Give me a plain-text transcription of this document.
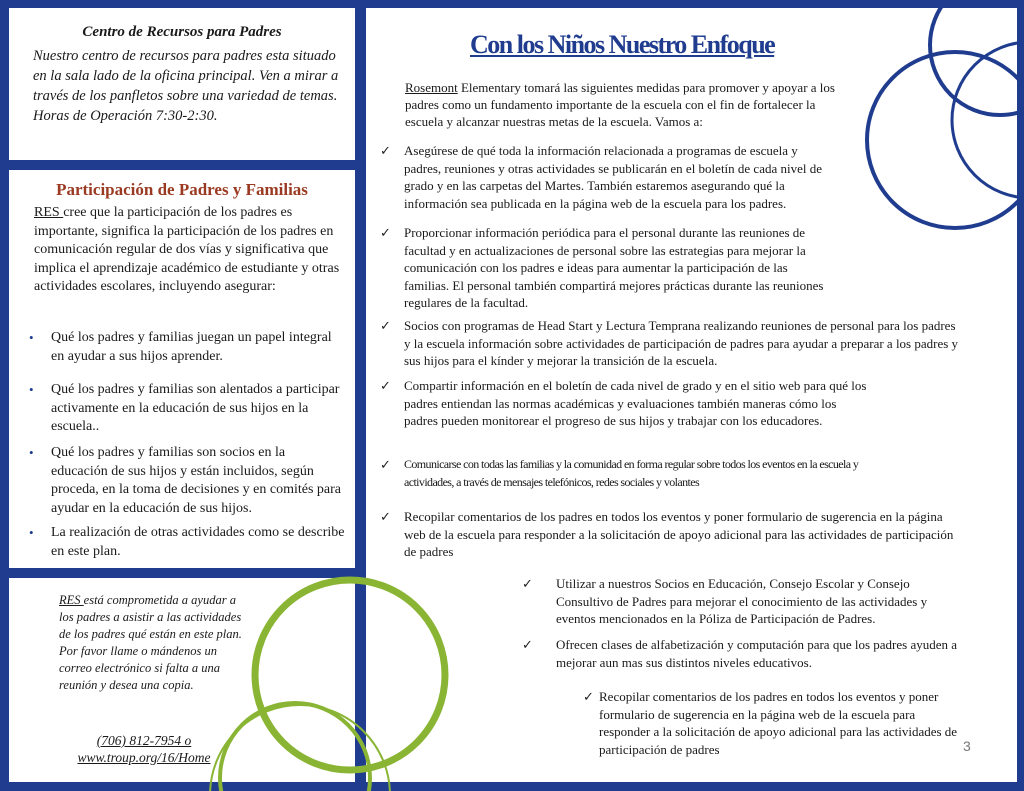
Centro de Recursos para Padres
Nuestro centro de recursos para padres esta situado en la sala lado de la oficina principal. Ven a mirar a través de los panfletos sobre una variedad de temas.
Horas de Operación 7:30-2:30.
Participación de Padres y Familias
RES cree que la participación de los padres es importante, significa la participación de los padres en comunicación regular de dos vías y significativa que implica el aprendizaje académico de estudiante y otras actividades escolares, incluyendo asegurar:
• Qué los padres y familias juegan un papel integral en ayudar a sus hijos aprender.
• Qué los padres y familias son alentados a participar activamente en la educación de sus hijos en la escuela..
• Qué los padres y familias son socios en la educación de sus hijos y están incluidos, según proceda, en la toma de decisiones y en comités para ayudar en la educación de sus hijos.
• La realización de otras actividades como se describe en este plan.
RES está comprometida a ayudar a los padres a asistir a las actividades de los padres qué están en este plan. Por favor llame o mándenos un correo electrónico si falta a una reunión y desea una copia.
(706) 812-7954 o
www.troup.org/16/Home
Con los Niños Nuestro Enfoque
Rosemont Elementary tomará las siguientes medidas para promover y apoyar a los padres como un fundamento importante de la escuela con el fin de fortalecer la escuela y alcanzar nuestras metas de la escuela. Vamos a:
✓ Asegúrese de qué toda la información relacionada a programas de escuela y padres, reuniones y otras actividades se publicarán en el boletín de cada nivel de grado y en las carpetas del Martes. También estaremos asegurando qué la información sea publicada en la página web de la escuela para los padres.
✓ Proporcionar información periódica para el personal durante las reuniones de facultad y en actualizaciones de personal sobre las estrategias para mejorar la comunicación con los padres e ideas para aumentar la participación de las familias. El personal también compartirá mejores prácticas durante las reuniones regulares de la facultad.
✓ Socios con programas de Head Start y Lectura Temprana realizando reuniones de personal para los padres y la escuela información sobre actividades de participación de padres para ayudar a preparar a los padres y sus hijos para el kínder y mejorar la transición de la escuela.
✓ Compartir información en el boletín de cada nivel de grado y en el sitio web para qué los padres entiendan las normas académicas y evaluaciones también maneras cómo los padres pueden monitorear el progreso de sus hijos y trabajar con los educadores.
✓ Comunicarse con todas las familias y la comunidad en forma regular sobre todos los eventos en la escuela y actividades, a través de mensajes telefónicos, redes sociales y volantes
✓ Recopilar comentarios de los padres en todos los eventos y poner formulario de sugerencia en la página web de la escuela para responder a la solicitación de apoyo adicional para las actividades de participación de padres
✓ Utilizar a nuestros Socios en Educación, Consejo Escolar y Consejo Consultivo de Padres para mejorar el conocimiento de las actividades y eventos mencionados en la Póliza de Participación de Padres.
✓ Ofrecen clases de alfabetización y computación para que los padres ayuden a mejorar aun mas sus distintos niveles educativos.
✓ Recopilar comentarios de los padres en todos los eventos y poner formulario de sugerencia en la página web de la escuela para responder a la solicitación de apoyo adicional para las actividades de participación de padres	3
